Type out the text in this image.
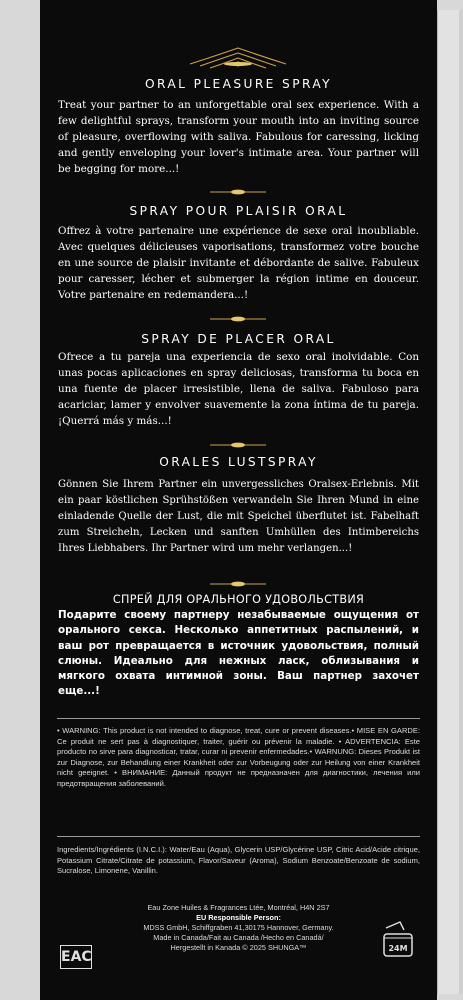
ORAL PLEASURE SPRAY

Treat your partner to an unforgettable oral sex experience. With a few delightful sprays, transform your mouth into an inviting source of pleasure, overflowing with saliva. Fabulous for caressing, licking and gently enveloping your lover's intimate area. Your partner will be begging for more...!

SPRAY POUR PLAISIR ORAL

Offrez à votre partenaire une expérience de sexe oral inoubliable. Avec quelques délicieuses vaporisations, transformez votre bouche en une source de plaisir invitante et débordante de salive. Fabuleux pour caresser, lécher et submerger la région intime en douceur. Votre partenaire en redemandera...!

SPRAY DE PLACER ORAL

Ofrece a tu pareja una experiencia de sexo oral inolvidable. Con unas pocas aplicaciones en spray deliciosas, transforma tu boca en una fuente de placer irresistible, llena de saliva. Fabuloso para acariciar, lamer y envolver suavemente la zona íntima de tu pareja. ¡Querrá más y más...!

ORALES LUSTSPRAY

Gönnen Sie Ihrem Partner ein unvergessliches Oralsex-Erlebnis. Mit ein paar köstlichen Sprühstößen verwandeln Sie Ihren Mund in eine einladende Quelle der Lust, die mit Speichel überflutet ist. Fabelhaft zum Streicheln, Lecken und sanften Umhüllen des Intimbereichs Ihres Liebhabers. Ihr Partner wird um mehr verlangen...!

СПРЕЙ ДЛЯ ОРАЛЬНОГО УДОВОЛЬСТВИЯ

Подарите своему партнеру незабываемые ощущения от орального секса. Несколько аппетитных распылений, и ваш рот превращается в источник удовольствия, полный слюны. Идеально для нежных ласк, облизывания и мягкого охвата интимной зоны. Ваш партнер захочет еще...!

• WARNING: This product is not intended to diagnose, treat, cure or prevent diseases.• MISE EN GARDE: Ce produit ne sert pas à diagnostiquer, traiter, guérir ou prévenir la maladie. • ADVERTENCIA: Este producto no sirve para diagnosticar, tratar, curar ni prevenir enfermedades.• WARNUNG: Dieses Produkt ist zur Diagnose, zur Behandlung einer Krankheit oder zur Vorbeugung oder zur Heilung von einer Krankheit nicht geeignet. • ВНИМАНИЕ: Данный продукт не предназначен для диагностики, лечения или предотвращения заболеваний.

Ingredients/Ingrédients (I.N.C.I.): Water/Eau (Aqua), Glycerin USP/Glycérine USP, Citric Acid/Acide citrique, Potassium Citrate/Citrate de potassium, Flavor/Saveur (Aroma), Sodium Benzoate/Benzoate de sodium, Sucralose, Limonene, Vanillin.

Eau Zone Huiles & Fragrances Ltée, Montréal, H4N 2S7
EU Responsible Person:
MDSS GmbH, Schiffgraben 41,30175 Hannover, Germany.
Made in Canada/Fait au Canada /Hecho en Canadá/
Hergestellt in Kanada © 2025 SHUNGA™
EAC
24M
